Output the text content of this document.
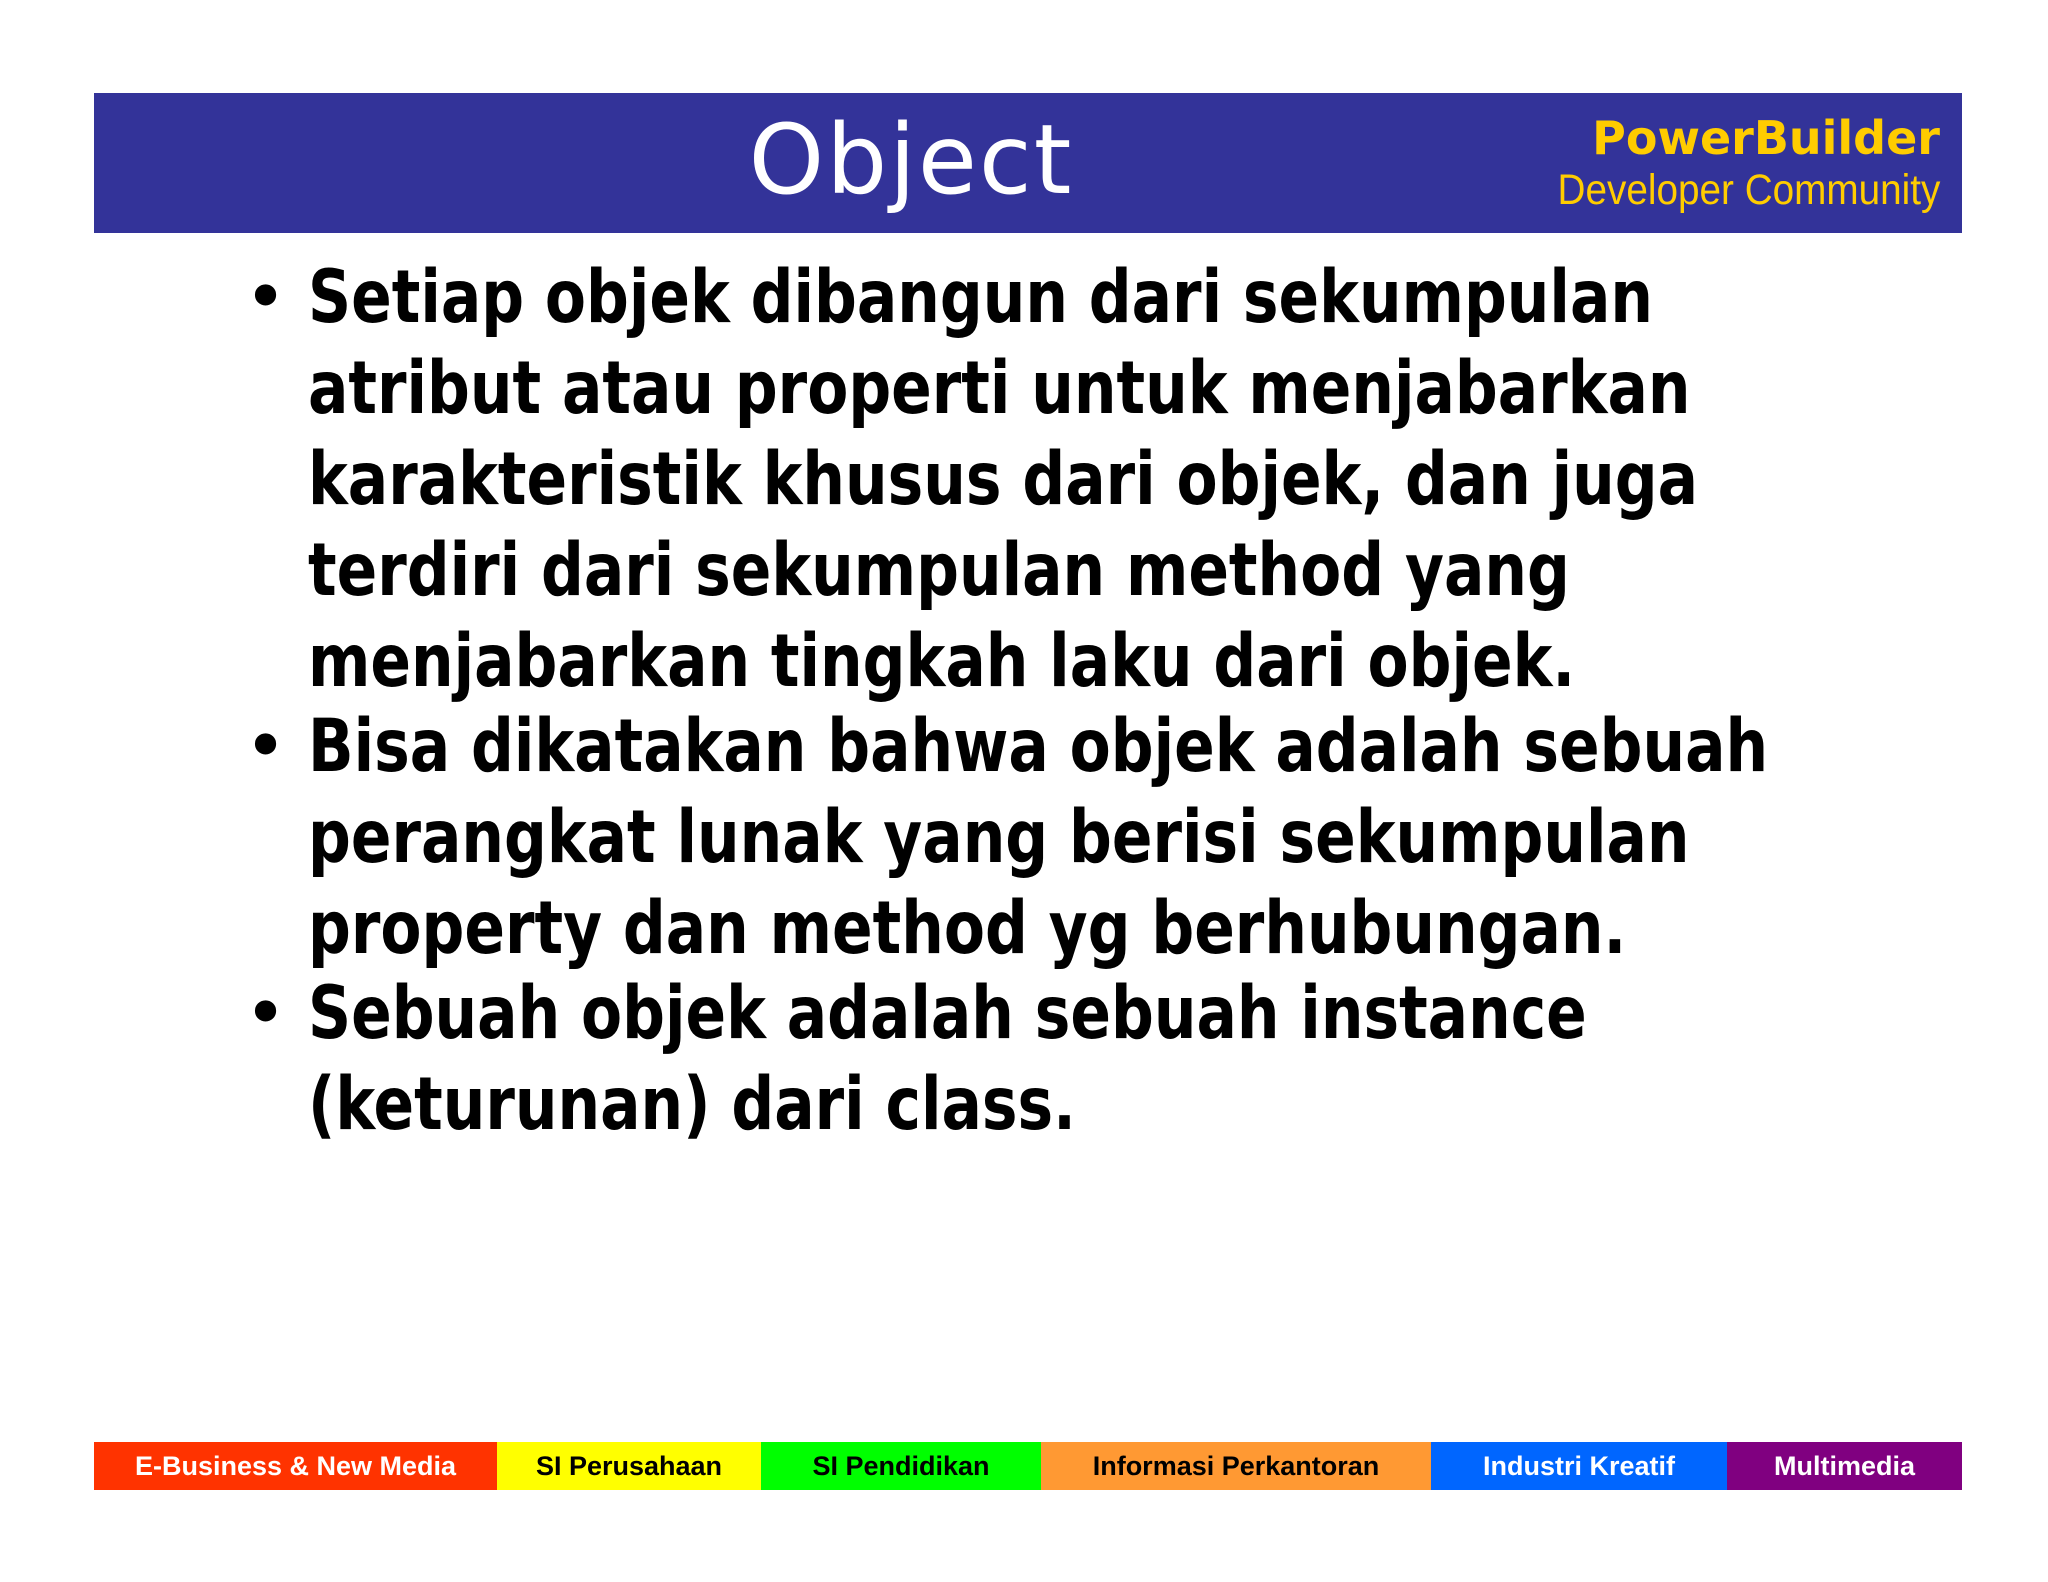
Object	PowerBuilder
Developer Community
• Setiap objek dibangun dari sekumpulan
atribut atau properti untuk menjabarkan
karakteristik khusus dari objek, dan juga
terdiri dari sekumpulan method yang
menjabarkan tingkah laku dari objek.
• Bisa dikatakan bahwa objek adalah sebuah
perangkat lunak yang berisi sekumpulan
property dan method yg berhubungan.
• Sebuah objek adalah sebuah instance
(keturunan) dari class.
E-Business & New Media	SI Perusahaan	SI Pendidikan	Informasi Perkantoran	Industri Kreatif	Multimedia
